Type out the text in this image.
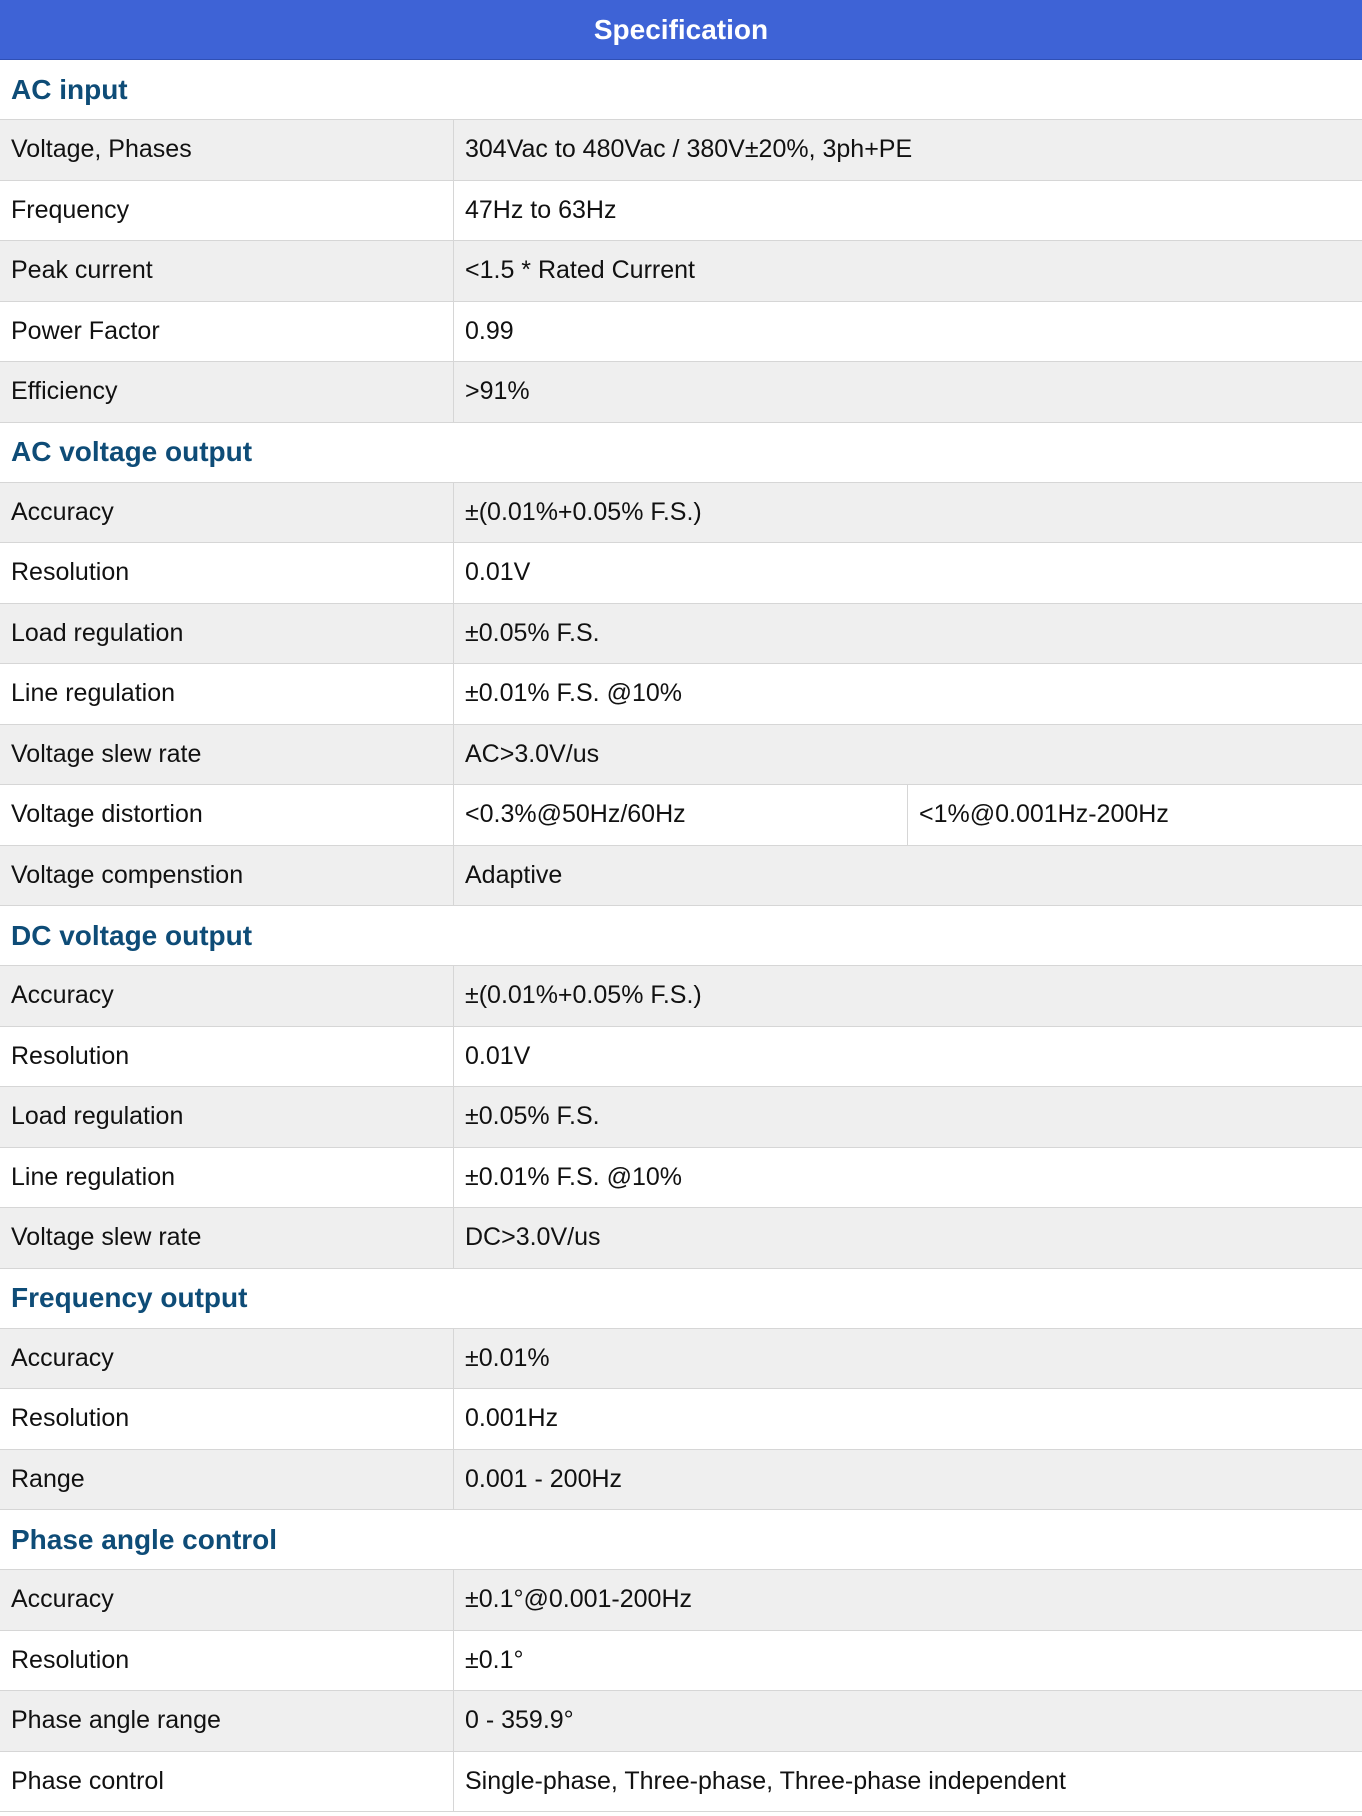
Specification
AC input
Voltage, Phases	304Vac to 480Vac / 380V±20%, 3ph+PE
Frequency	47Hz to 63Hz
Peak current	<1.5 * Rated Current
Power Factor	0.99
Efficiency	>91%
AC voltage output
Accuracy	±(0.01%+0.05% F.S.)
Resolution	0.01V
Load regulation	±0.05% F.S.
Line regulation	±0.01% F.S. @10%
Voltage slew rate	AC>3.0V/us
Voltage distortion	<0.3%@50Hz/60Hz	<1%@0.001Hz-200Hz
Voltage compenstion	Adaptive
DC voltage output
Accuracy	±(0.01%+0.05% F.S.)
Resolution	0.01V
Load regulation	±0.05% F.S.
Line regulation	±0.01% F.S. @10%
Voltage slew rate	DC>3.0V/us
Frequency output
Accuracy	±0.01%
Resolution	0.001Hz
Range	0.001 - 200Hz
Phase angle control
Accuracy	±0.1°@0.001-200Hz
Resolution	±0.1°
Phase angle range	0 - 359.9°
Phase control	Single-phase, Three-phase, Three-phase independent
